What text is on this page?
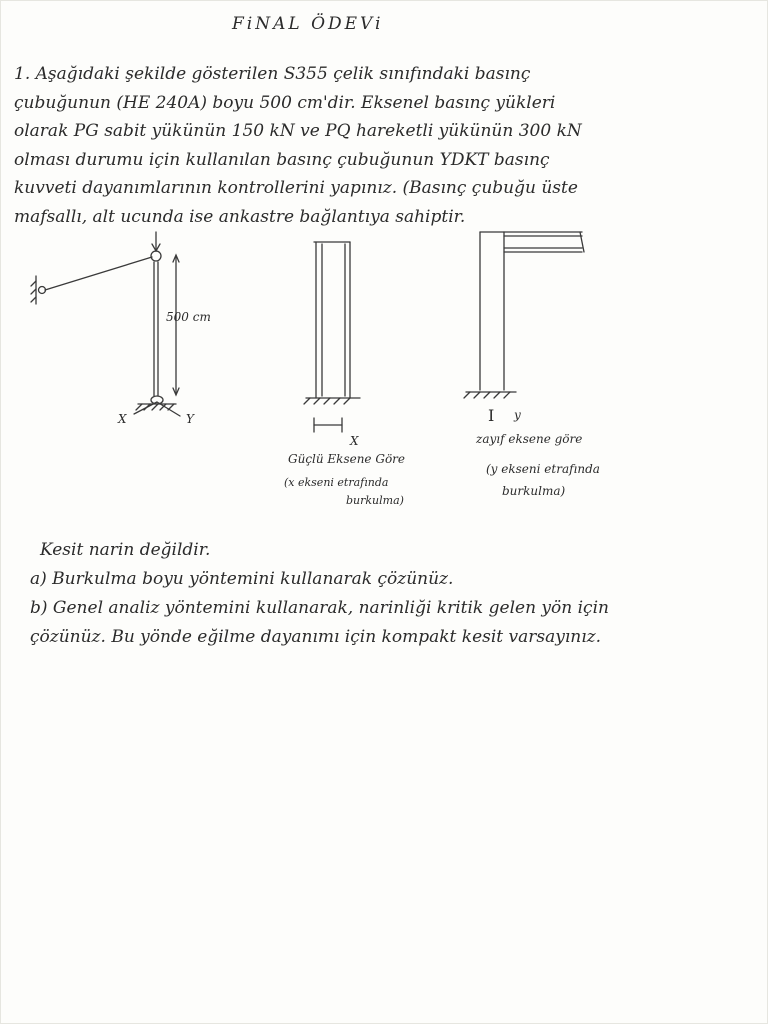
FiNAL ÖDEVi
1. Aşağıdaki şekilde gösterilen S355 çelik sınıfındaki basınç
çubuğunun (HE 240A) boyu 500 cm'dir. Eksenel basınç yükleri
olarak PG sabit yükünün 150 kN ve PQ hareketli yükünün 300 kN
olması durumu için kullanılan basınç çubuğunun YDKT basınç
kuvveti dayanımlarının kontrollerini yapınız. (Basınç çubuğu üste
mafsallı, alt ucunda ise ankastre bağlantıya sahiptir.
500 cm
X	Y
X
Güçlü Eksene Göre
(x ekseni etrafında
burkulma)
I y
zayıf eksene göre
(y ekseni etrafında
burkulma)
Kesit narin değildir.
a) Burkulma boyu yöntemini kullanarak çözünüz.
b) Genel analiz yöntemini kullanarak, narinliği kritik gelen yön için
çözünüz. Bu yönde eğilme dayanımı için kompakt kesit varsayınız.
